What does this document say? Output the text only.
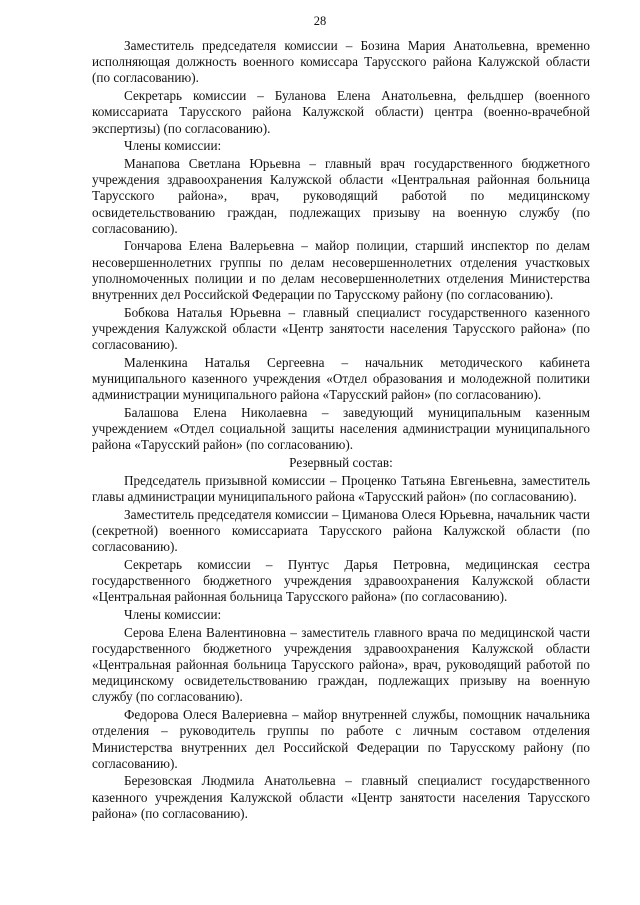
28

Заместитель председателя комиссии – Бозина Мария Анатольевна, временно исполняющая должность военного комиссара Тарусского района Калужской области (по согласованию).

Секретарь комиссии – Буланова Елена Анатольевна, фельдшер (военного комиссариата Тарусского района Калужской области) центра (военно-врачебной экспертизы) (по согласованию).

Члены комиссии:

Манапова Светлана Юрьевна – главный врач государственного бюджетного учреждения здравоохранения Калужской области «Центральная районная больница Тарусского района», врач, руководящий работой по медицинскому освидетельствованию граждан, подлежащих призыву на военную службу (по согласованию).

Гончарова Елена Валерьевна – майор полиции, старший инспектор по делам несовершеннолетних группы по делам несовершеннолетних отделения участковых уполномоченных полиции и по делам несовершеннолетних отделения Министерства внутренних дел Российской Федерации по Тарусскому району (по согласованию).

Бобкова Наталья Юрьевна – главный специалист государственного казенного учреждения Калужской области «Центр занятости населения Тарусского района» (по согласованию).

Маленкина Наталья Сергеевна – начальник методического кабинета муниципального казенного учреждения «Отдел образования и молодежной политики администрации муниципального района «Тарусский район» (по согласованию).

Балашова Елена Николаевна – заведующий муниципальным казенным учреждением «Отдел социальной защиты населения администрации муниципального района «Тарусский район» (по согласованию).

Резервный состав:

Председатель призывной комиссии – Проценко Татьяна Евгеньевна, заместитель главы администрации муниципального района «Тарусский район» (по согласованию).

Заместитель председателя комиссии – Циманова Олеся Юрьевна, начальник части (секретной) военного комиссариата Тарусского района Калужской области (по согласованию).

Секретарь комиссии – Пунтус Дарья Петровна, медицинская сестра государственного бюджетного учреждения здравоохранения Калужской области «Центральная районная больница Тарусского района» (по согласованию).

Члены комиссии:

Серова Елена Валентиновна – заместитель главного врача по медицинской части государственного бюджетного учреждения здравоохранения Калужской области «Центральная районная больница Тарусского района», врач, руководящий работой по медицинскому освидетельствованию граждан, подлежащих призыву на военную службу (по согласованию).

Федорова Олеся Валериевна – майор внутренней службы, помощник начальника отделения – руководитель группы по работе с личным составом отделения Министерства внутренних дел Российской Федерации по Тарусскому району (по согласованию).

Березовская Людмила Анатольевна – главный специалист государственного казенного учреждения Калужской области «Центр занятости населения Тарусского района» (по согласованию).
